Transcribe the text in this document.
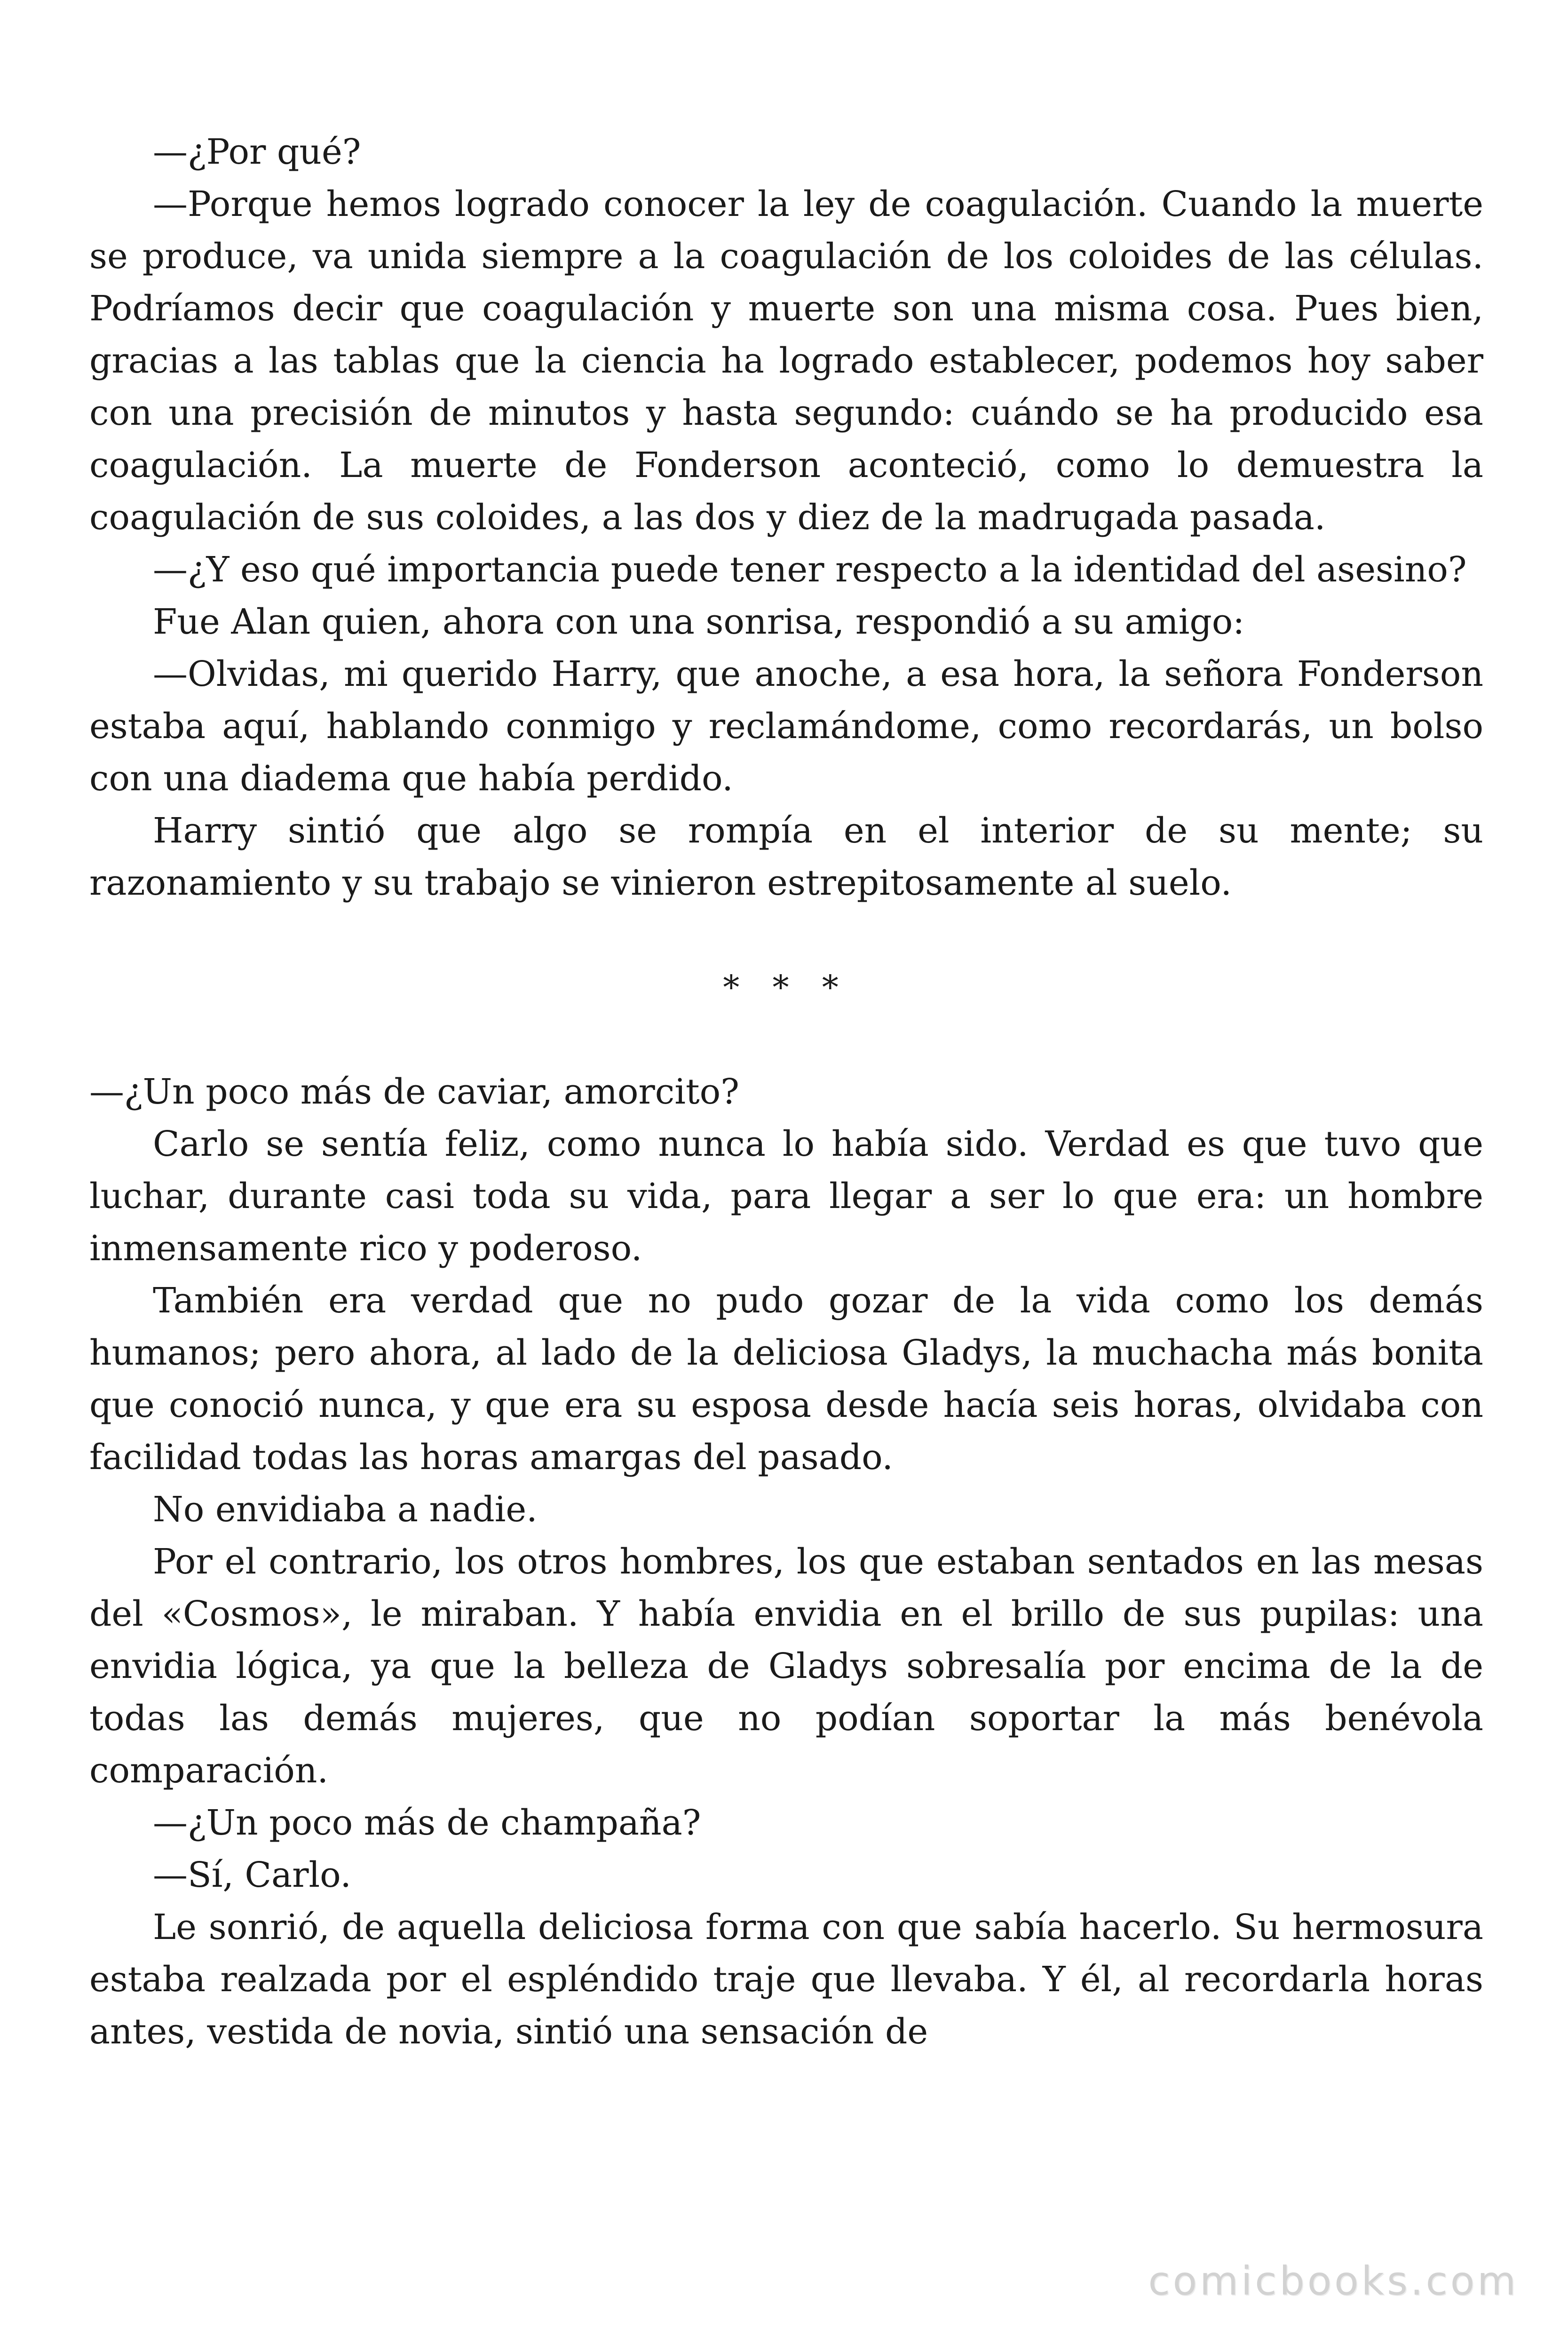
—¿Por qué?

—Porque hemos logrado conocer la ley de coagulación. Cuando la muerte se produce, va unida siempre a la coagulación de los coloides de las células. Podríamos decir que coagulación y muerte son una misma cosa. Pues bien, gracias a las tablas que la ciencia ha logrado establecer, podemos hoy saber con una precisión de minutos y hasta segundo: cuándo se ha producido esa coagulación. La muerte de Fonderson aconteció, como lo demuestra la coagulación de sus coloides, a las dos y diez de la madrugada pasada.

—¿Y eso qué importancia puede tener respecto a la identidad del asesino?

Fue Alan quien, ahora con una sonrisa, respondió a su amigo:

—Olvidas, mi querido Harry, que anoche, a esa hora, la señora Fonderson estaba aquí, hablando conmigo y reclamándome, como recordarás, un bolso con una diadema que había perdido.

Harry sintió que algo se rompía en el interior de su mente; su razonamiento y su trabajo se vinieron estrepitosamente al suelo.

* * *

—¿Un poco más de caviar, amorcito?

Carlo se sentía feliz, como nunca lo había sido. Verdad es que tuvo que luchar, durante casi toda su vida, para llegar a ser lo que era: un hombre inmensamente rico y poderoso.

También era verdad que no pudo gozar de la vida como los demás humanos; pero ahora, al lado de la deliciosa Gladys, la muchacha más bonita que conoció nunca, y que era su esposa desde hacía seis horas, olvidaba con facilidad todas las horas amargas del pasado.

No envidiaba a nadie.

Por el contrario, los otros hombres, los que estaban sentados en las mesas del «Cosmos», le miraban. Y había envidia en el brillo de sus pupilas: una envidia lógica, ya que la belleza de Gladys sobresalía por encima de la de todas las demás mujeres, que no podían soportar la más benévola comparación.

—¿Un poco más de champaña?

—Sí, Carlo.

Le sonrió, de aquella deliciosa forma con que sabía hacerlo. Su hermosura estaba realzada por el espléndido traje que llevaba. Y él, al recordarla horas antes, vestida de novia, sintió una sensación de

comicbooks.com
